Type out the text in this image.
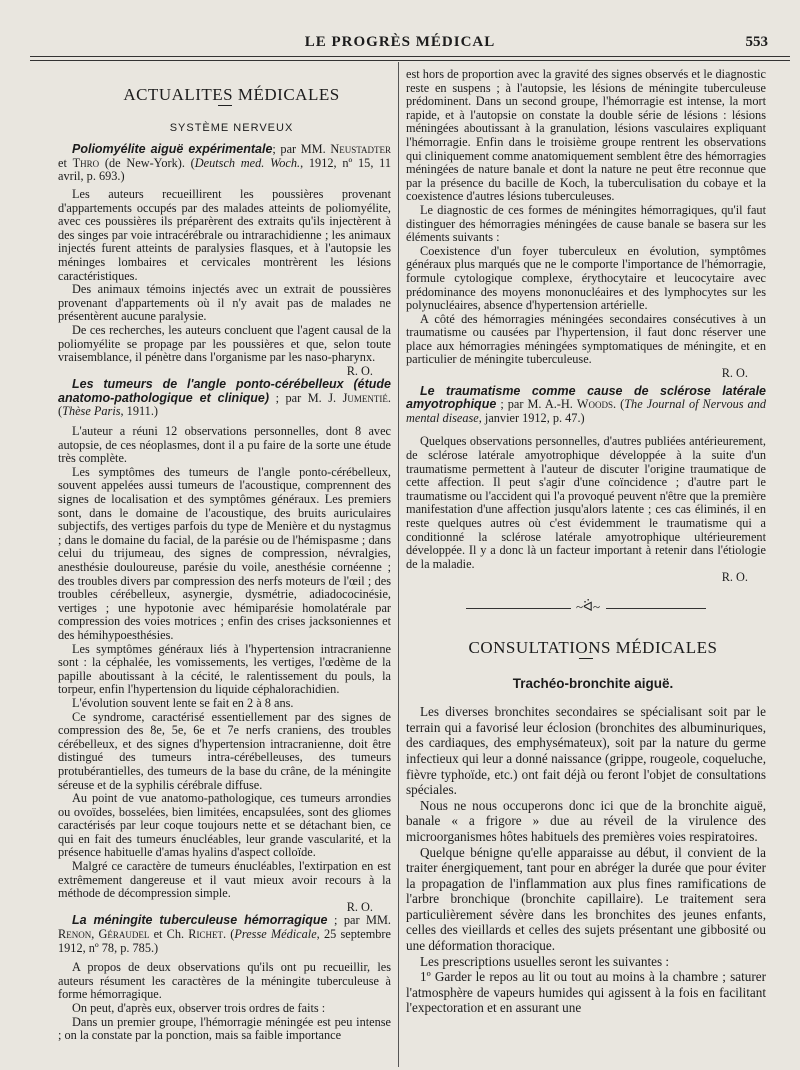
LE PROGRÈS MÉDICAL	553

ACTUALITES MÉDICALES

SYSTÈME NERVEUX

Poliomyélite aiguë expérimentale; par MM. Neustadter et Thro (de New-York). (Deutsch med. Woch., 1912, nº 15, 11 avril, p. 693.)

Les auteurs recueillirent les poussières provenant d'appartements occupés par des malades atteints de poliomyélite, avec ces poussières ils préparèrent des extraits qu'ils injectèrent à des singes par voie intracérébrale ou intrarachidienne ; les animaux injectés furent atteints de paralysies flasques, et à l'autopsie les méninges lombaires et cervicales montrèrent les lésions caractéristiques.

Des animaux témoins injectés avec un extrait de poussières provenant d'appartements où il n'y avait pas de malades ne présentèrent aucune paralysie.

De ces recherches, les auteurs concluent que l'agent causal de la poliomyélite se propage par les poussières et que, selon toute vraisemblance, il pénètre dans l'organisme par les naso-pharynx.

R. O.

Les tumeurs de l'angle ponto-cérébelleux (étude anatomo-pathologique et clinique) ; par M. J. Jumentié. (Thèse Paris, 1911.)

L'auteur a réuni 12 observations personnelles, dont 8 avec autopsie, de ces néoplasmes, dont il a pu faire de la sorte une étude très complète.

Les symptômes des tumeurs de l'angle ponto-cérébelleux, souvent appelées aussi tumeurs de l'acoustique, comprennent des signes de localisation et des symptômes généraux. Les premiers sont, dans le domaine de l'acoustique, des bruits auriculaires subjectifs, des vertiges parfois du type de Menière et du nystagmus ; dans le domaine du facial, de la parésie ou de l'hémispasme ; dans celui du trijumeau, des signes de compression, névralgies, anesthésie douloureuse, parésie du voile, anesthésie cornéenne ; des troubles divers par compression des nerfs moteurs de l'œil ; des troubles cérébelleux, asynergie, dysmétrie, adiadococinésie, vertiges ; une hypotonie avec hémiparésie homolatérale par compression des voies motrices ; enfin des crises jacksoniennes et des hémihypoesthésies.

Les symptômes généraux liés à l'hypertension intracranienne sont : la céphalée, les vomissements, les vertiges, l'œdème de la papille aboutissant à la cécité, le ralentissement du pouls, la torpeur, enfin l'hypertension du liquide céphalorachidien.

L'évolution souvent lente se fait en 2 à 8 ans.

Ce syndrome, caractérisé essentiellement par des signes de compression des 8e, 5e, 6e et 7e nerfs craniens, des troubles cérébelleux, et des signes d'hypertension intracranienne, doit être distingué des tumeurs intra-cérébelleuses, des tumeurs protubérantielles, des tumeurs de la base du crâne, de la méningite séreuse et de la syphilis cérébrale diffuse.

Au point de vue anatomo-pathologique, ces tumeurs arrondies ou ovoïdes, bosselées, bien limitées, encapsulées, sont des gliomes caractérisés par leur coque toujours nette et se détachant bien, ce qui en fait des tumeurs énucléables, leur grande vascularité, et la présence habituelle d'amas hyalins d'aspect colloïde.

Malgré ce caractère de tumeurs énucléables, l'extirpation en est extrêmement dangereuse et il vaut mieux avoir recours à la méthode de décompression simple.

R. O.

La méningite tuberculeuse hémorragique ; par MM. Renon, Géraudel et Ch. Richet. (Presse Médicale, 25 septembre 1912, nº 78, p. 785.)

A propos de deux observations qu'ils ont pu recueillir, les auteurs résument les caractères de la méningite tuberculeuse à forme hémorragique.

On peut, d'après eux, observer trois ordres de faits :

Dans un premier groupe, l'hémorragie méningée est peu intense ; on la constate par la ponction, mais sa faible importance

est hors de proportion avec la gravité des signes observés et le diagnostic reste en suspens ; à l'autopsie, les lésions de méningite tuberculeuse prédominent. Dans un second groupe, l'hémorragie est intense, la mort rapide, et à l'autopsie on constate la double série de lésions : lésions méningées aboutissant à la granulation, lésions vasculaires expliquant l'hémorragie. Enfin dans le troisième groupe rentrent les observations qui cliniquement comme anatomiquement semblent être des hémorragies méningées de nature banale et dont la nature ne peut être reconnue que par la présence du bacille de Koch, la tuberculisation du cobaye et la coexistence d'autres lésions tuberculeuses.

Le diagnostic de ces formes de méningites hémorragiques, qu'il faut distinguer des hémorragies méningées de cause banale se basera sur les éléments suivants :

Coexistence d'un foyer tuberculeux en évolution, symptômes généraux plus marqués que ne le comporte l'importance de l'hémorragie, formule cytologique complexe, érythocytaire et leucocytaire avec prédominance des moyens mononucléaires et des lymphocytes sur les polynucléaires, absence d'hypertension artérielle.

A côté des hémorragies méningées secondaires consécutives à un traumatisme ou causées par l'hypertension, il faut donc réserver une place aux hémorragies méningées symptomatiques de méningite, et en particulier de méningite tuberculeuse.

R. O.

Le traumatisme comme cause de sclérose latérale amyotrophique ; par M. A.-H. Woods. (The Journal of Nervous and mental disease, janvier 1912, p. 47.)

Quelques observations personnelles, d'autres publiées antérieurement, de sclérose latérale amyotrophique développée à la suite d'un traumatisme permettent à l'auteur de discuter l'origine traumatique de cette affection. Il peut s'agir d'une coïncidence ; d'autre part le traumatisme ou l'accident qui l'a provoqué peuvent n'être que la première manifestation d'une affection jusqu'alors latente ; ces cas éliminés, il en reste quelques autres où c'est évidemment le traumatisme qui a conditionné la sclérose latérale amyotrophique ultérieurement développée. Il y a donc là un facteur important à retenir dans l'étiologie de la maladie.

R. O.

~ᐛ~

CONSULTATIONS MÉDICALES

Trachéo-bronchite aiguë.

Les diverses bronchites secondaires se spécialisant soit par le terrain qui a favorisé leur éclosion (bronchites des albuminuriques, des cardiaques, des emphysémateux), soit par la nature du germe infectieux qui leur a donné naissance (grippe, rougeole, coqueluche, fièvre typhoïde, etc.) ont fait déjà ou feront l'objet de consultations spéciales.

Nous ne nous occuperons donc ici que de la bronchite aiguë, banale « a frigore » due au réveil de la virulence des microorganismes hôtes habituels des premières voies respiratoires.

Quelque bénigne qu'elle apparaisse au début, il convient de la traiter énergiquement, tant pour en abréger la durée que pour éviter la propagation de l'inflammation aux plus fines ramifications de l'arbre bronchique (bronchite capillaire). Le traitement sera particulièrement sévère dans les bronchites des jeunes enfants, celles des vieillards et celles des sujets présentant une gibbosité ou une déformation thoracique.

Les prescriptions usuelles seront les suivantes :

1º Garder le repos au lit ou tout au moins à la chambre ; saturer l'atmosphère de vapeurs humides qui agissent à la fois en facilitant l'expectoration et en assurant une
